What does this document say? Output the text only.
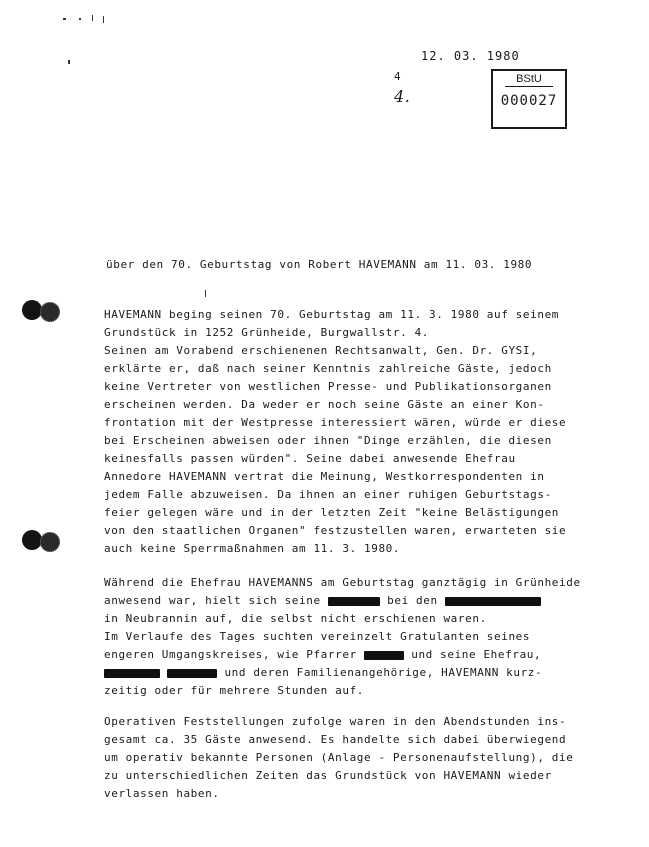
12. 03. 1980
4
4.
BStU
000027
über den 70. Geburtstag von Robert HAVEMANN am 11. 03. 1980
HAVEMANN beging seinen 70. Geburtstag am 11. 3. 1980 auf seinem
Grundstück in 1252 Grünheide, Burgwallstr. 4.
Seinen am Vorabend erschienenen Rechtsanwalt, Gen. Dr. GYSI,
erklärte er, daß nach seiner Kenntnis zahlreiche Gäste, jedoch
keine Vertreter von westlichen Presse- und Publikationsorganen
erscheinen werden. Da weder er noch seine Gäste an einer Kon-
frontation mit der Westpresse interessiert wären, würde er diese
bei Erscheinen abweisen oder ihnen "Dinge erzählen, die diesen
keinesfalls passen würden". Seine dabei anwesende Ehefrau
Annedore HAVEMANN vertrat die Meinung, Westkorrespondenten in
jedem Falle abzuweisen. Da ihnen an einer ruhigen Geburtstags-
feier gelegen wäre und in der letzten Zeit "keine Belästigungen
von den staatlichen Organen" festzustellen waren, erwarteten sie
auch keine Sperrmaßnahmen am 11. 3. 1980.
Während die Ehefrau HAVEMANNS am Geburtstag ganztägig in Grünheide
anwesend war, hielt sich seine	bei den
in Neubrannin auf, die selbst nicht erschienen waren.
Im Verlaufe des Tages suchten vereinzelt Gratulanten seines
engeren Umgangskreises, wie Pfarrer	und seine Ehefrau,
und deren Familienangehörige, HAVEMANN kurz-
zeitig oder für mehrere Stunden auf.
Operativen Feststellungen zufolge waren in den Abendstunden ins-
gesamt ca. 35 Gäste anwesend. Es handelte sich dabei überwiegend
um operativ bekannte Personen (Anlage - Personenaufstellung), die
zu unterschiedlichen Zeiten das Grundstück von HAVEMANN wieder
verlassen haben.
